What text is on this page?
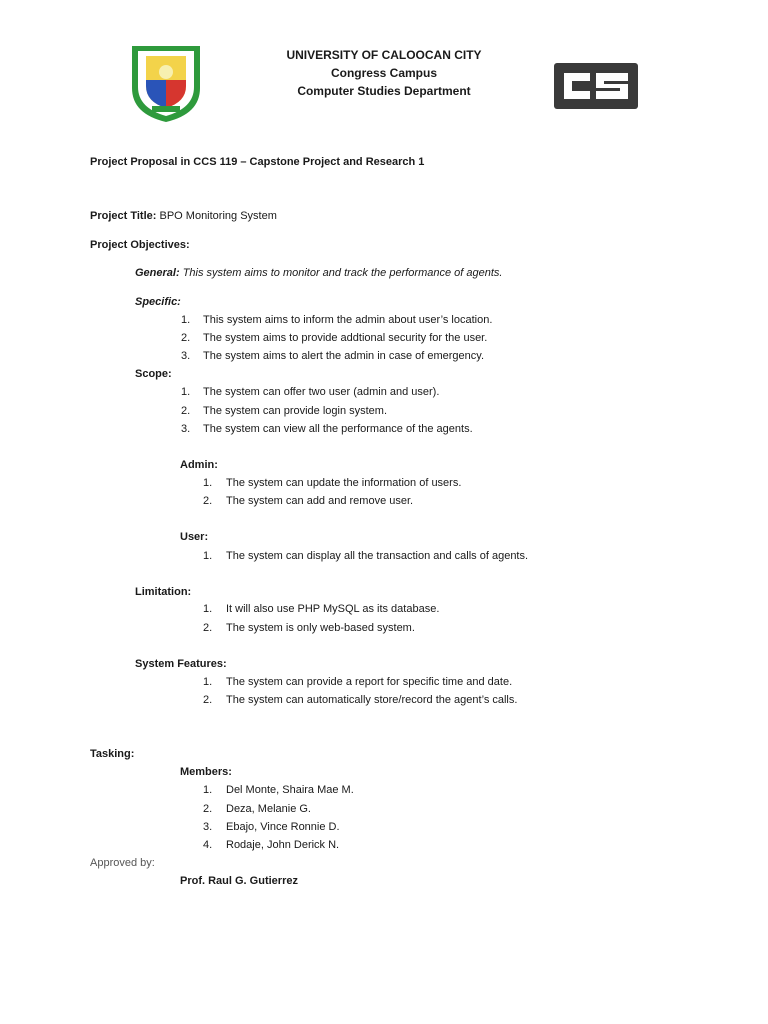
UNIVERSITY OF CALOOCAN CITY
Congress Campus
Computer Studies Department
Project Proposal in CCS 119 – Capstone Project and Research 1
Project Title: BPO Monitoring System
Project Objectives:
General: This system aims to monitor and track the performance of agents.
Specific:
1.	This system aims to inform the admin about user’s location.
2.	The system aims to provide addtional security for the user.
3.	The system aims to alert the admin in case of emergency.
Scope:
1.	The system can offer two user (admin and user).
2.	The system can provide login system.
3.	The system can view all the performance of the agents.
Admin:
1.	The system can update the information of users.
2.	The system can add and remove user.
User:
1.	The system can display all the transaction and calls of agents.
Limitation:
1.	It will also use PHP MySQL as its database.
2.	The system is only web-based system.
System Features:
1.	The system can provide a report for specific time and date.
2.	The system can automatically store/record the agent’s calls.
Tasking:
Members:
1.	Del Monte, Shaira Mae M.
2.	Deza, Melanie G.
3.	Ebajo, Vince Ronnie D.
4.	Rodaje, John Derick N.
Approved by:
Prof. Raul G. Gutierrez
